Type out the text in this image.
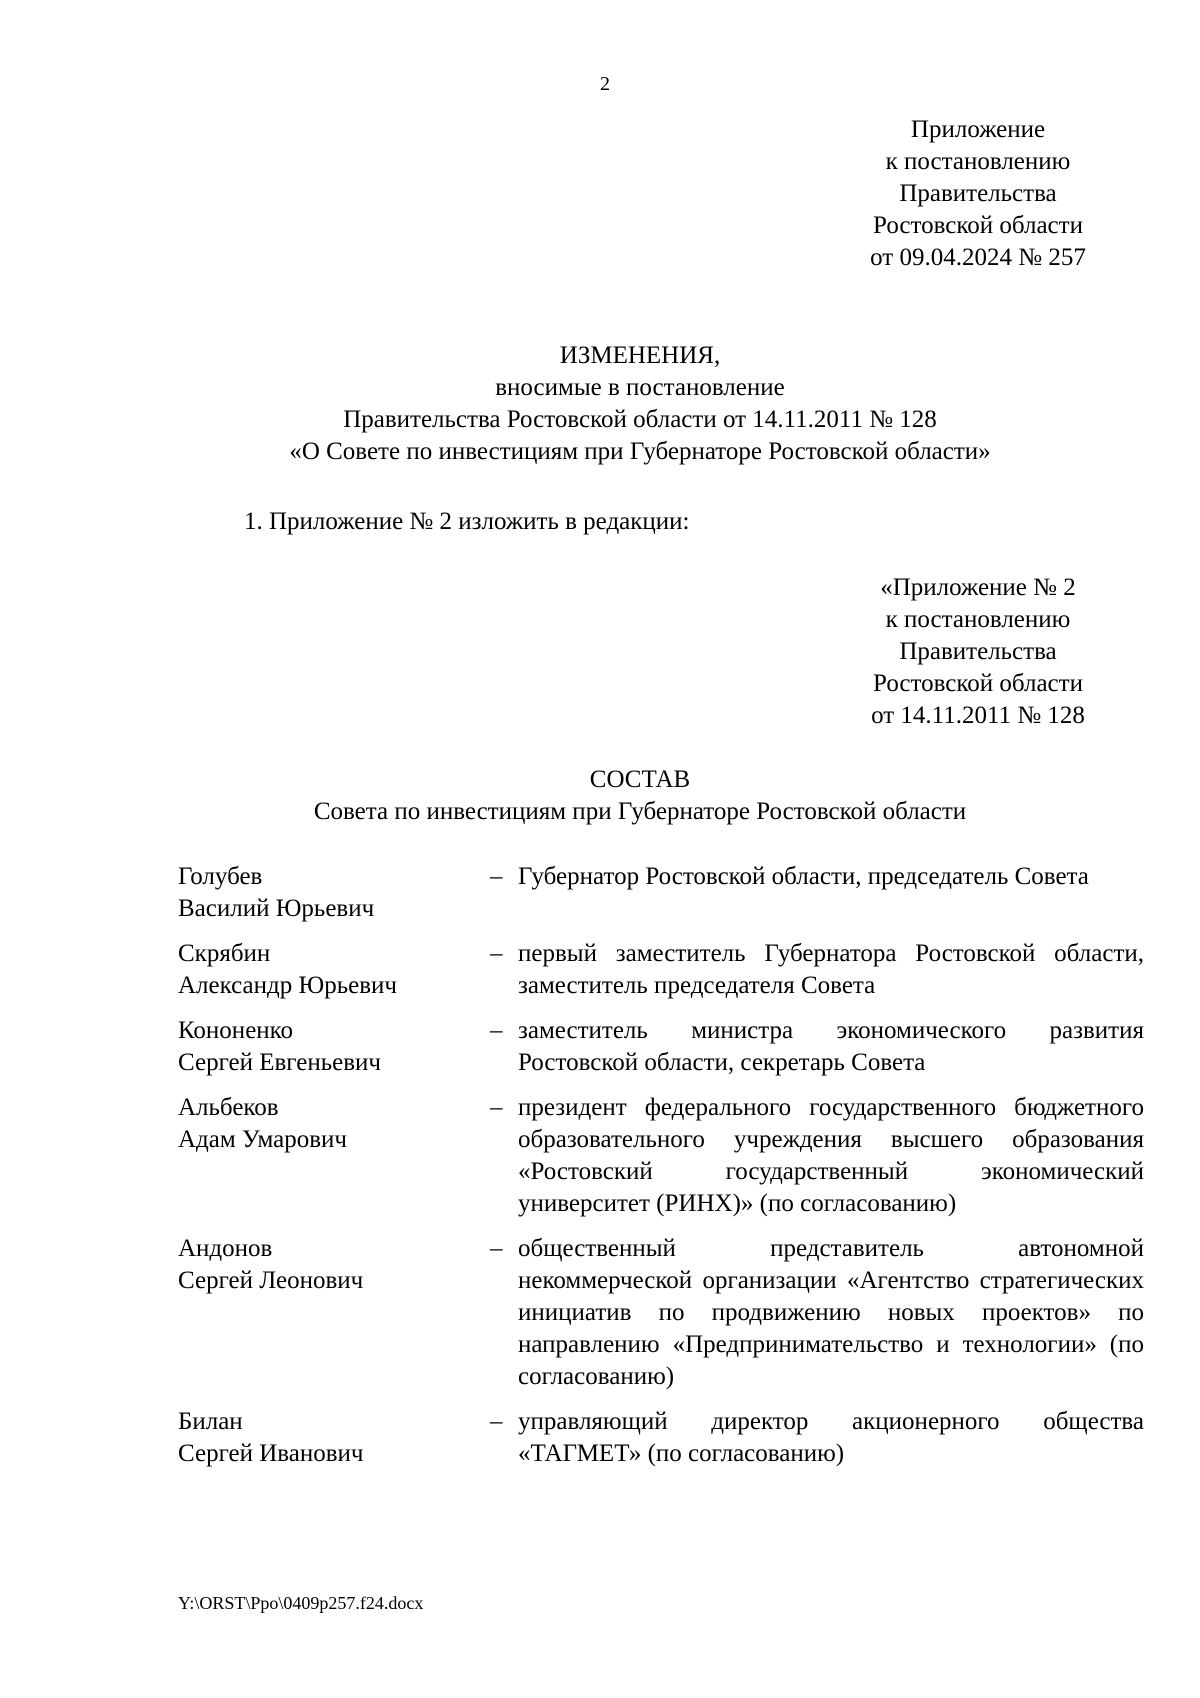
2
Приложение
к постановлению
Правительства
Ростовской области
от 09.04.2024 № 257
ИЗМЕНЕНИЯ,
вносимые в постановление
Правительства Ростовской области от 14.11.2011 № 128
«О Совете по инвестициям при Губернаторе Ростовской области»
1. Приложение № 2 изложить в редакции:
«Приложение № 2
к постановлению
Правительства
Ростовской области
от 14.11.2011 № 128
СОСТАВ
Совета по инвестициям при Губернаторе Ростовской области
Голубев
Василий Юрьевич
– Губернатор Ростовской области, председатель Совета
Скрябин
Александр Юрьевич
– первый заместитель Губернатора Ростовской области, заместитель председателя Совета
Кононенко
Сергей Евгеньевич
– заместитель министра экономического развития Ростовской области, секретарь Совета
Альбеков
Адам Умарович
– президент федерального государственного бюджетного образовательного учреждения высшего образования «Ростовский государственный экономический университет (РИНХ)» (по согласованию)
Андонов
Сергей Леонович
– общественный представитель автономной некоммерческой организации «Агентство стратегических инициатив по продвижению новых проектов» по направлению «Предпринимательство и технологии» (по согласованию)
Билан
Сергей Иванович
– управляющий директор акционерного общества «ТАГМЕТ» (по согласованию)
Y:\ORST\Ppo\0409p257.f24.docx
